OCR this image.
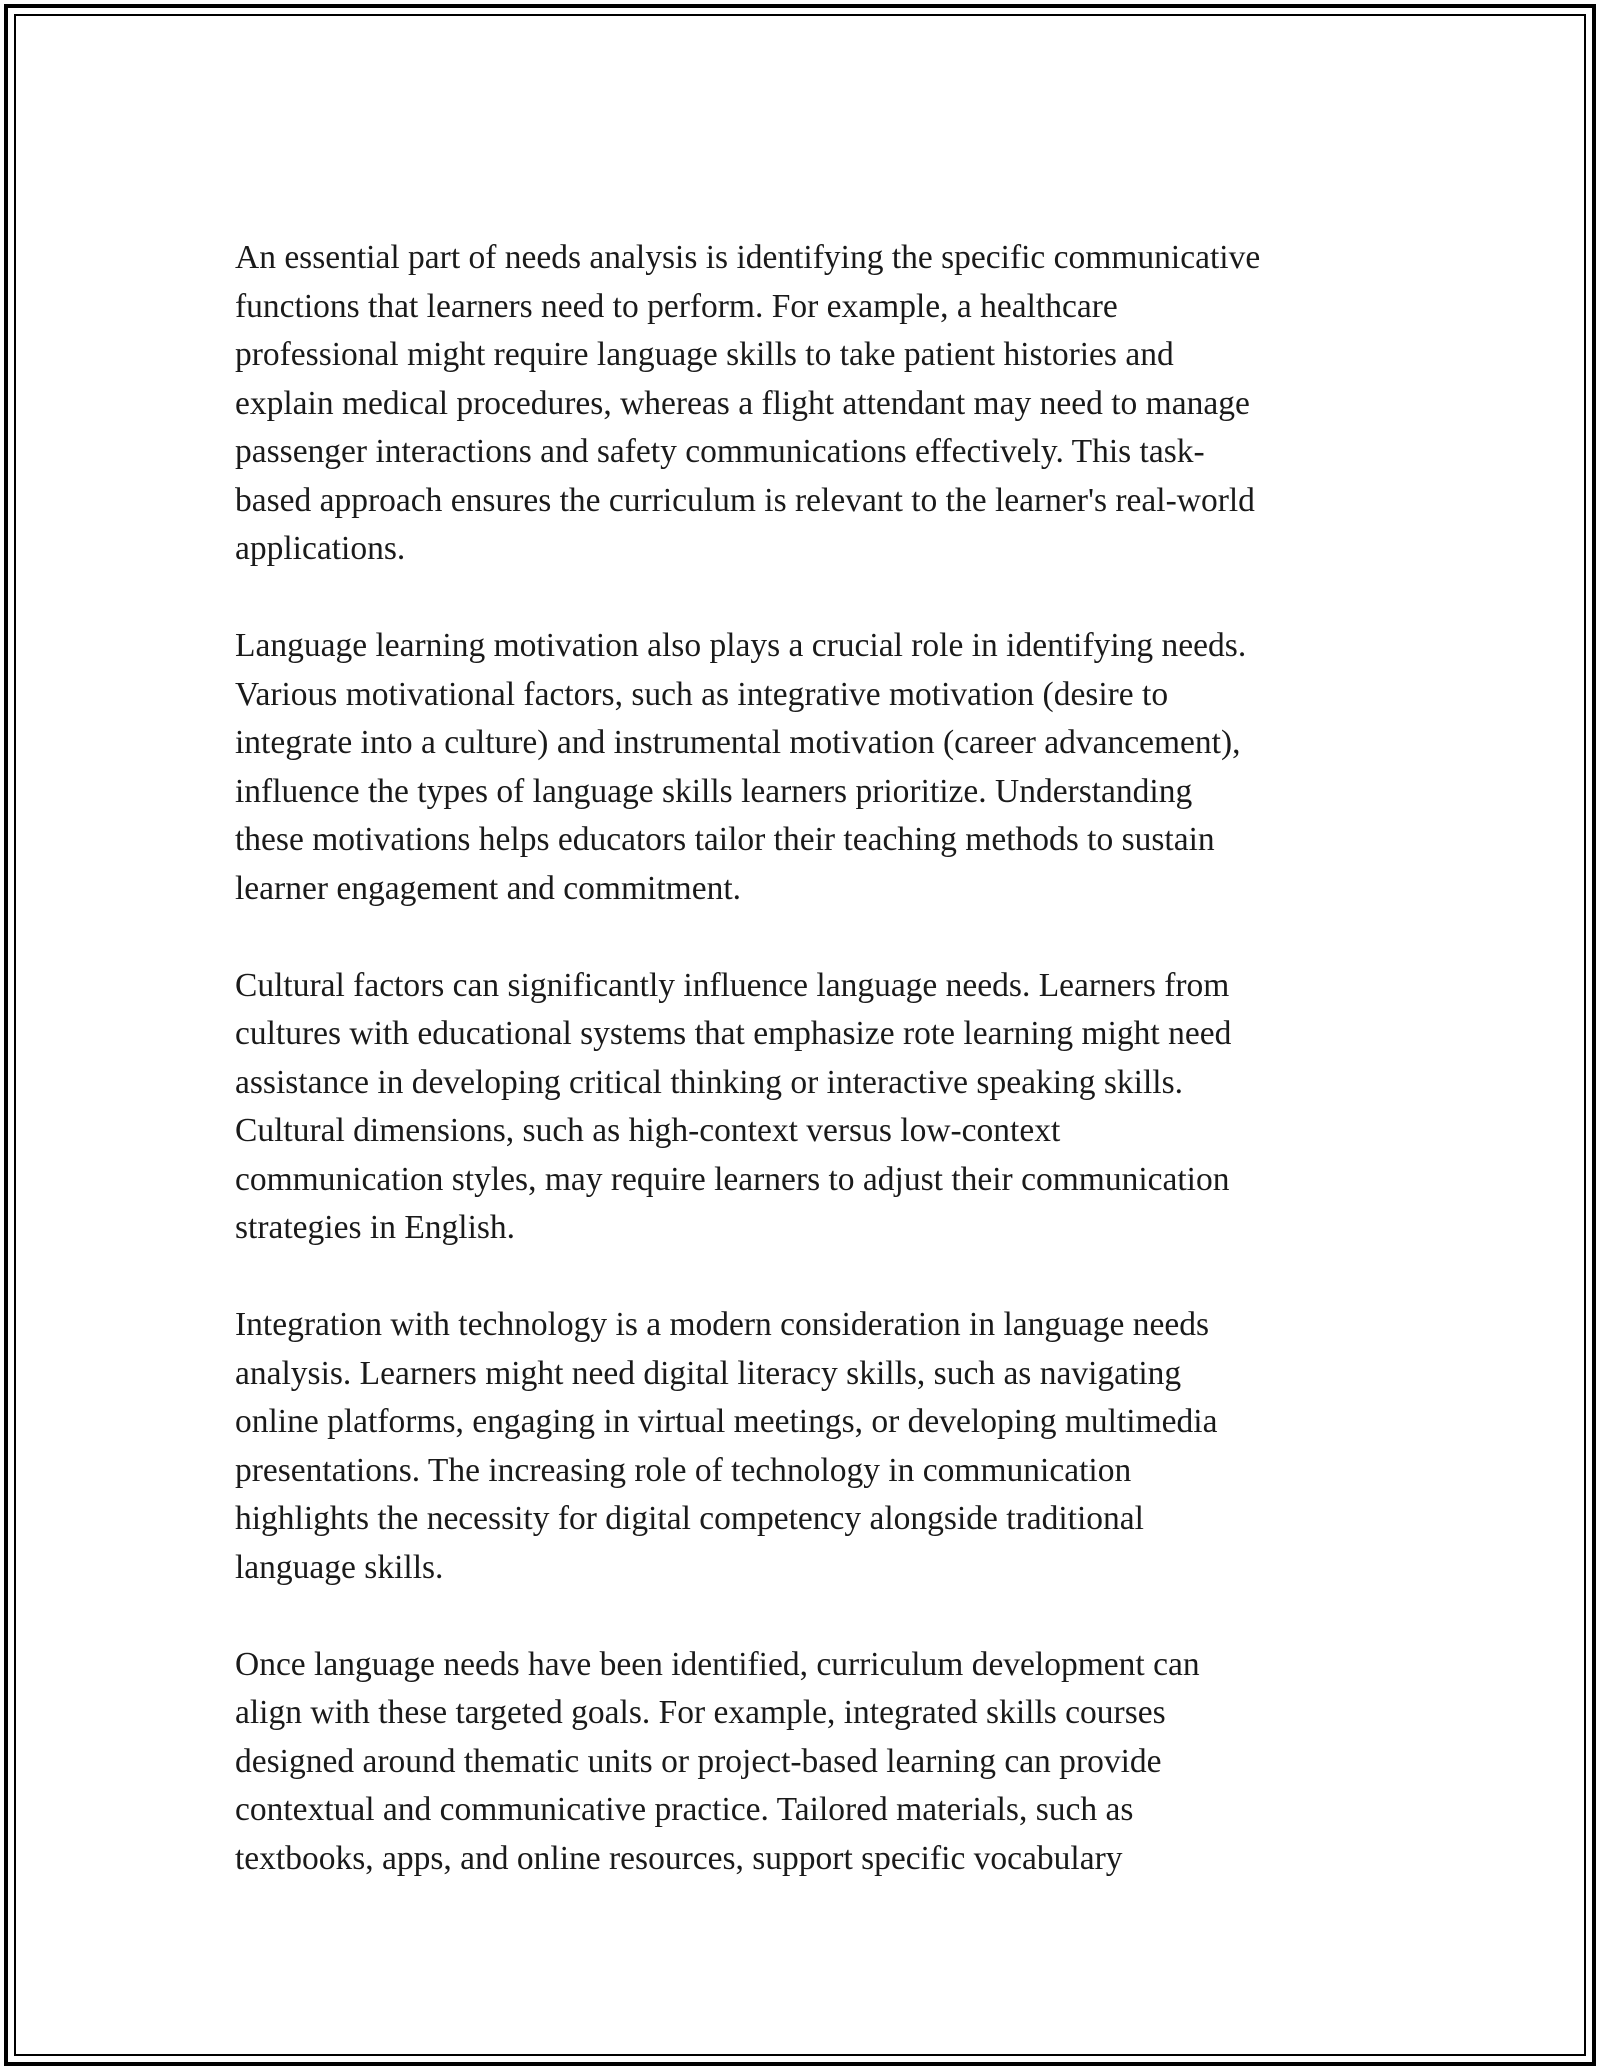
An essential part of needs analysis is identifying the specific communicative
functions that learners need to perform. For example, a healthcare
professional might require language skills to take patient histories and
explain medical procedures, whereas a flight attendant may need to manage
passenger interactions and safety communications effectively. This task-
based approach ensures the curriculum is relevant to the learner's real-world
applications.

Language learning motivation also plays a crucial role in identifying needs.
Various motivational factors, such as integrative motivation (desire to
integrate into a culture) and instrumental motivation (career advancement),
influence the types of language skills learners prioritize. Understanding
these motivations helps educators tailor their teaching methods to sustain
learner engagement and commitment.

Cultural factors can significantly influence language needs. Learners from
cultures with educational systems that emphasize rote learning might need
assistance in developing critical thinking or interactive speaking skills.
Cultural dimensions, such as high-context versus low-context
communication styles, may require learners to adjust their communication
strategies in English.

Integration with technology is a modern consideration in language needs
analysis. Learners might need digital literacy skills, such as navigating
online platforms, engaging in virtual meetings, or developing multimedia
presentations. The increasing role of technology in communication
highlights the necessity for digital competency alongside traditional
language skills.

Once language needs have been identified, curriculum development can
align with these targeted goals. For example, integrated skills courses
designed around thematic units or project-based learning can provide
contextual and communicative practice. Tailored materials, such as
textbooks, apps, and online resources, support specific vocabulary
